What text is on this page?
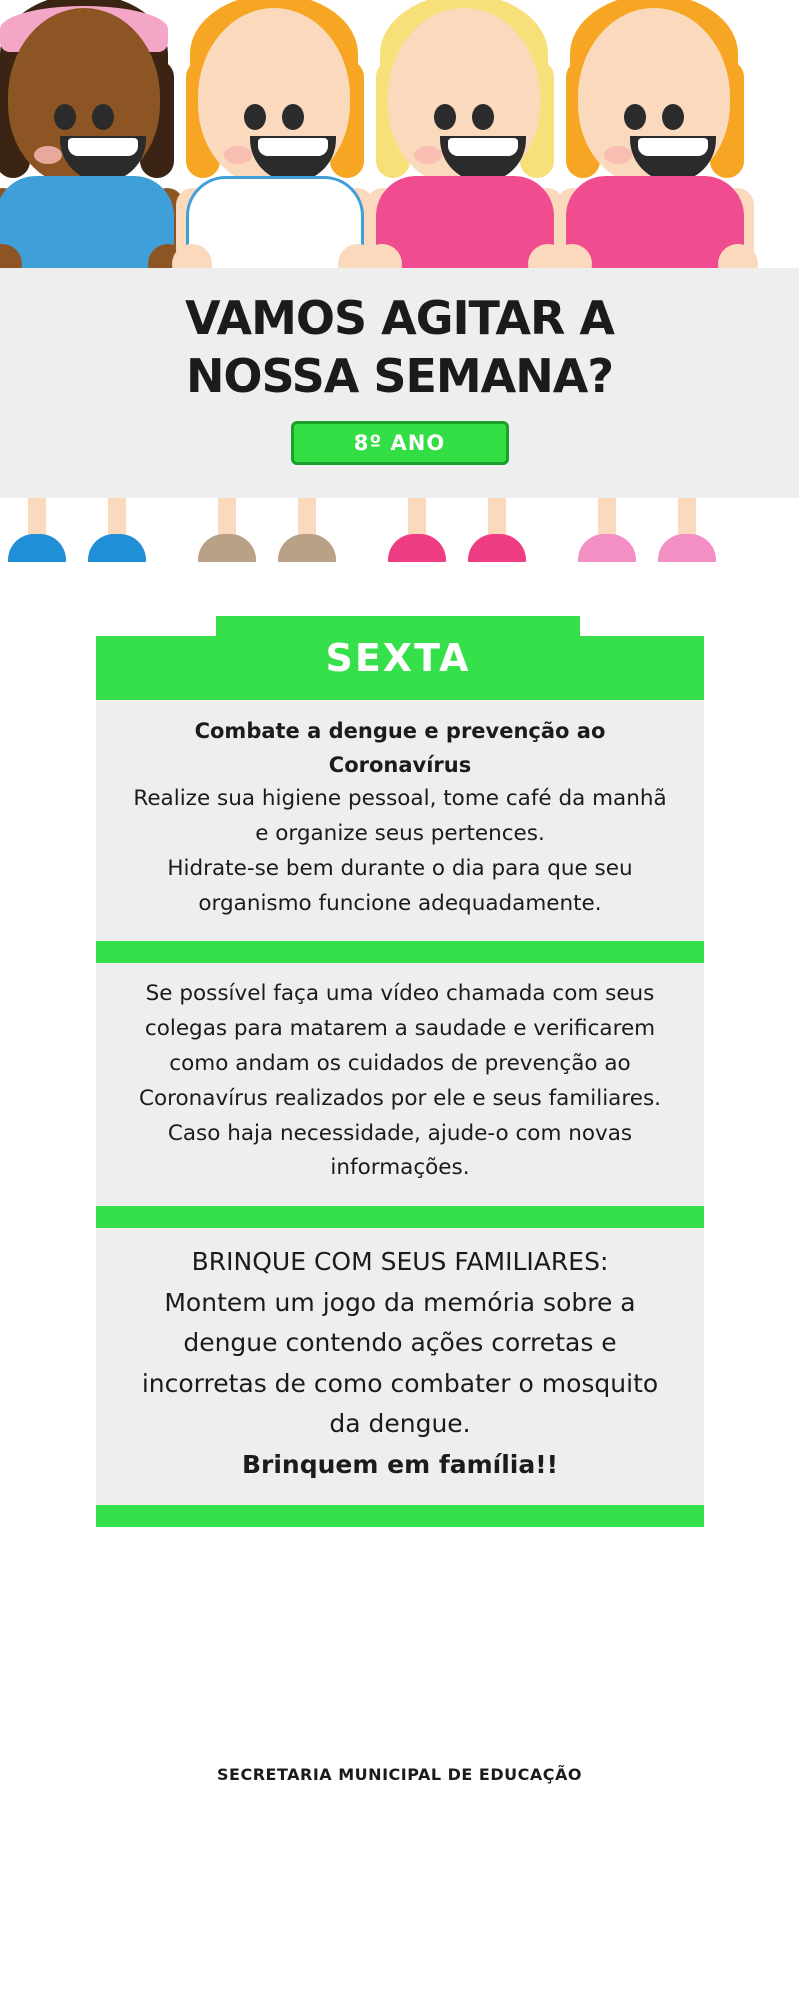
VAMOS AGITAR A
NOSSA SEMANA?
8º ANO
SEXTA

Combate a dengue e prevenção ao Coronavírus

Realize sua higiene pessoal, tome café da manhã e organize seus pertences.

Hidrate-se bem durante o dia para que seu organismo funcione adequadamente.

Se possível faça uma vídeo chamada com seus colegas para matarem a saudade e verificarem como andam os cuidados de prevenção ao Coronavírus realizados por ele e seus familiares.

Caso haja necessidade, ajude-o com novas informações.

BRINQUE COM SEUS FAMILIARES:

Montem um jogo da memória sobre a dengue contendo ações corretas e incorretas de como combater o mosquito da dengue.

Brinquem em família!!

SECRETARIA MUNICIPAL DE EDUCAÇÃO
